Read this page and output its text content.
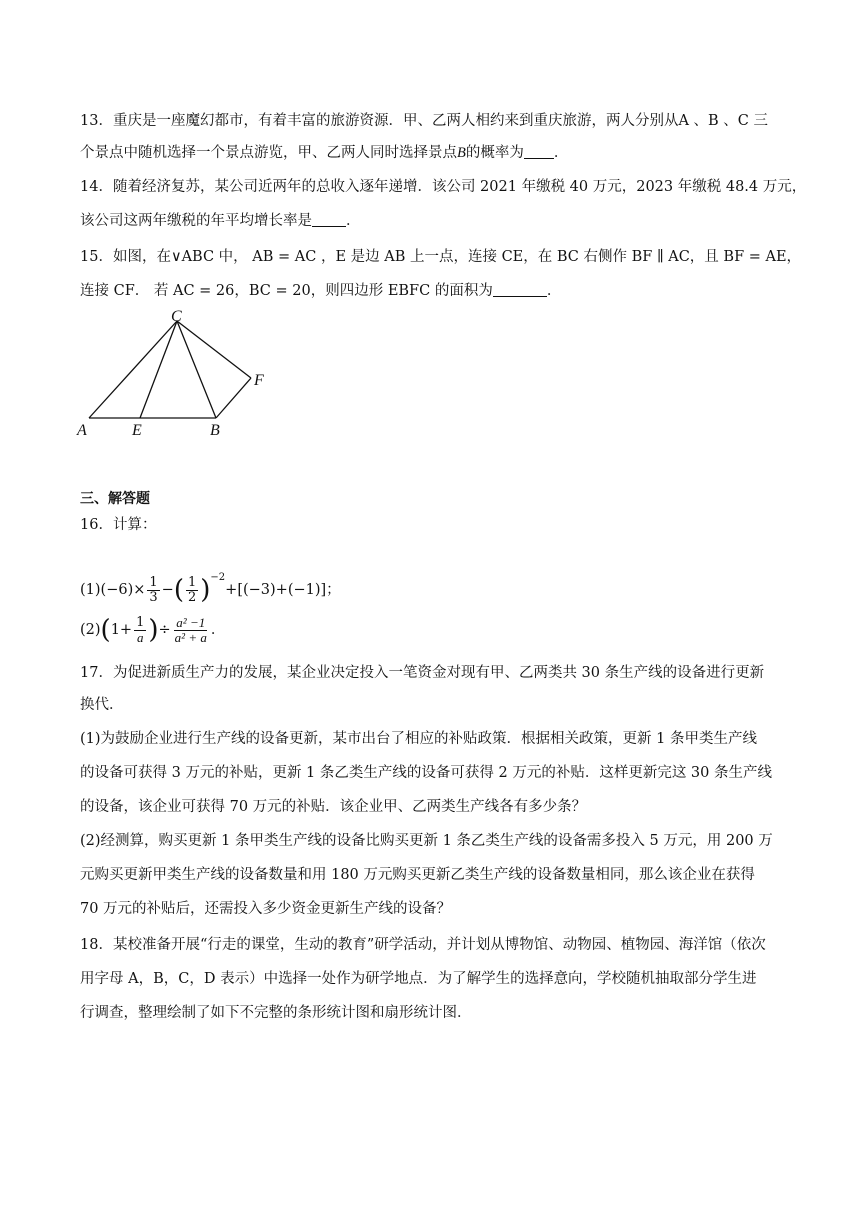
13．重庆是一座魔幻都市，有着丰富的旅游资源．甲、乙两人相约来到重庆旅游，两人分别从A 、B 、C 三
个景点中随机选择一个景点游览，甲、乙两人同时选择景点B的概率为 ．
14．随着经济复苏，某公司近两年的总收入逐年递增．该公司 2021 年缴税 40 万元，2023 年缴税 48.4 万元，
该公司这两年缴税的年平均增长率是 ．
15．如图，在∨ABC 中， AB = AC ，E 是边 AB 上一点，连接 CE，在 BC 右侧作 BF ∥ AC，且 BF = AE，
连接 CF． 若 AC = 26，BC = 20，则四边形 EBFC 的面积为	．
C
F
A	E	B
三、解答题
16．计算：
$(1)(-6)\times \frac{1}{3}$ −( $\frac{1}{2} )^{-2}+[(-3)+(-1)]$；
$(2)(1+ \frac{1}{a}$ )÷ $\frac{\text{a² −1}}{\text{a² + a}}$ ．
17．为促进新质生产力的发展，某企业决定投入一笔资金对现有甲、乙两类共 30 条生产线的设备进行更新
换代．
(1)为鼓励企业进行生产线的设备更新，某市出台了相应的补贴政策．根据相关政策，更新 1 条甲类生产线
的设备可获得 3 万元的补贴，更新 1 条乙类生产线的设备可获得 2 万元的补贴．这样更新完这 30 条生产线
的设备，该企业可获得 70 万元的补贴．该企业甲、乙两类生产线各有多少条？
(2)经测算，购买更新 1 条甲类生产线的设备比购买更新 1 条乙类生产线的设备需多投入 5 万元，用 200 万
元购买更新甲类生产线的设备数量和用 180 万元购买更新乙类生产线的设备数量相同，那么该企业在获得
70 万元的补贴后，还需投入多少资金更新生产线的设备？
18．某校准备开展“行走的课堂，生动的教育”研学活动，并计划从博物馆、动物园、植物园、海洋馆（依次
用字母 A，B，C，D 表示）中选择一处作为研学地点．为了解学生的选择意向，学校随机抽取部分学生进
行调查，整理绘制了如下不完整的条形统计图和扇形统计图．
